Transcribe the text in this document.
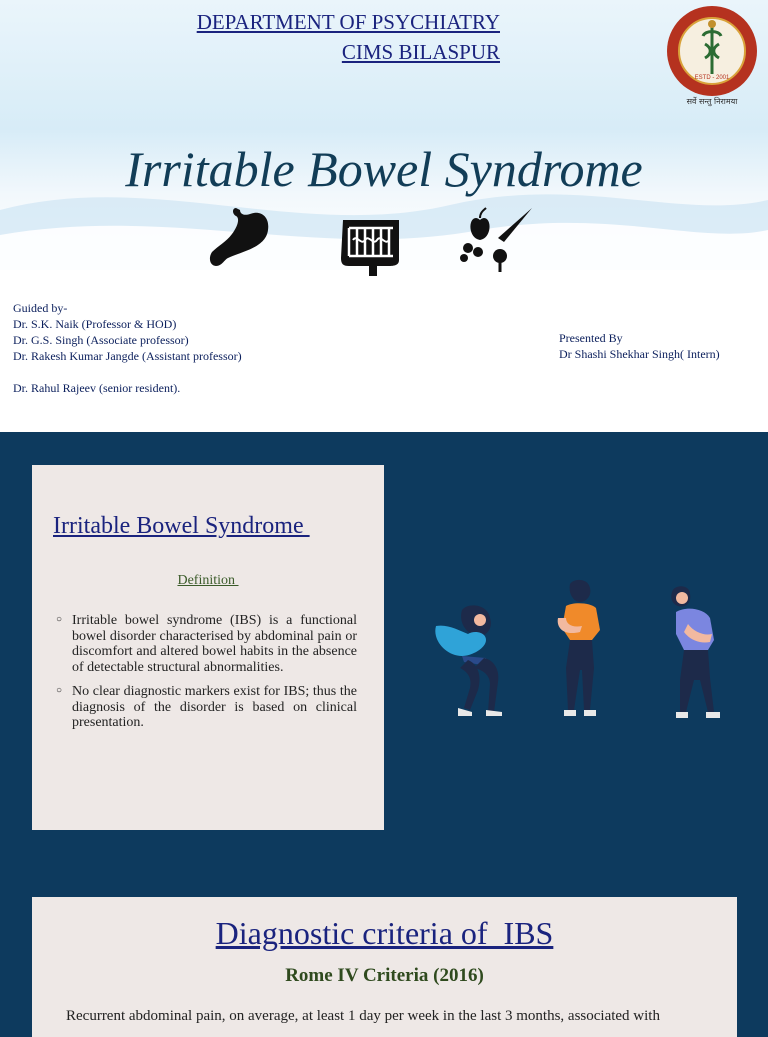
DEPARTMENT OF PSYCHIATRY
CIMS BILASPUR
ESTD - 2001
सर्वे सन्तु निरामया
Irritable Bowel Syndrome
Guided by-
Dr. S.K. Naik (Professor & HOD)
Dr. G.S. Singh (Associate professor)
Dr. Rakesh Kumar Jangde (Assistant professor)
Dr. Rahul Rajeev (senior resident).
Presented By
Dr Shashi Shekhar Singh( Intern)
Irritable Bowel Syndrome
Definition
○ Irritable bowel syndrome (IBS) is a functional bowel disorder characterised by abdominal pain or discomfort and altered bowel habits in the absence of detectable structural abnormalities.
○ No clear diagnostic markers exist for IBS; thus the diagnosis of the disorder is based on clinical presentation.
Diagnostic criteria of  IBS
Rome IV Criteria (2016)
Recurrent abdominal pain, on average, at least 1 day per week in the last 3 months, associated with
